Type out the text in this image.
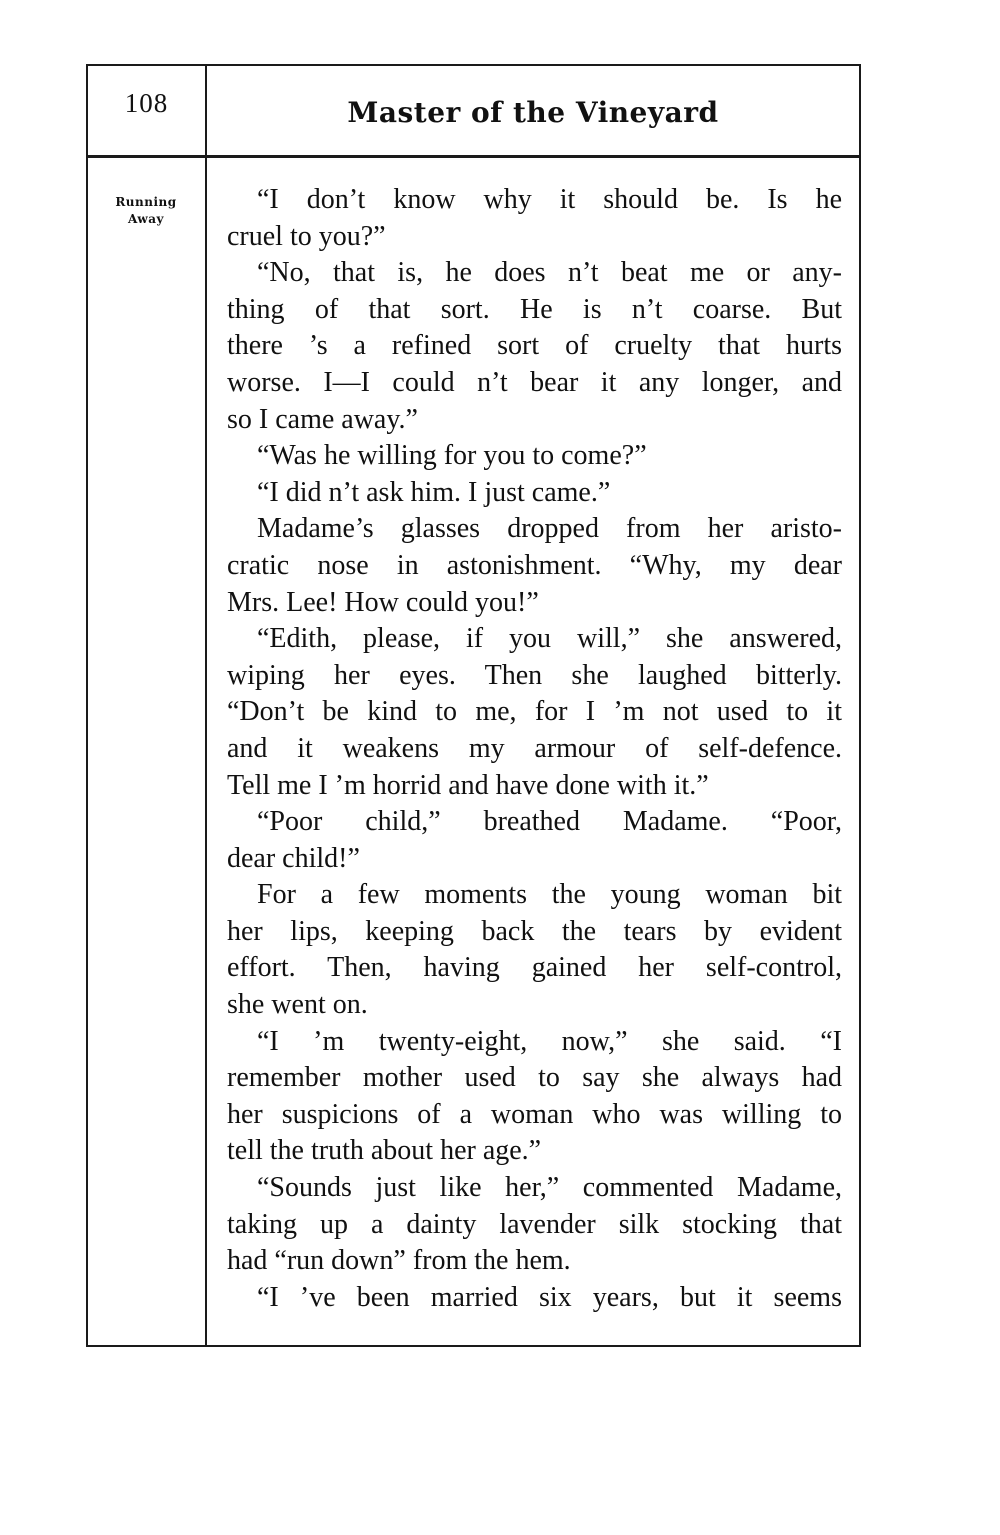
108	Master of the Vineyard
Running
Away

“I don’t know why it should be. Is he

cruel to you?”

“No, that is, he does n’t beat me or any-

thing of that sort. He is n’t coarse. But

there ’s a refined sort of cruelty that hurts

worse. I—I could n’t bear it any longer, and

so I came away.”

“Was he willing for you to come?”

“I did n’t ask him. I just came.”

Madame’s glasses dropped from her aristo-

cratic nose in astonishment. “Why, my dear

Mrs. Lee! How could you!”

“Edith, please, if you will,” she answered,

wiping her eyes. Then she laughed bitterly.

“Don’t be kind to me, for I ’m not used to it

and it weakens my armour of self-defence.

Tell me I ’m horrid and have done with it.”

“Poor child,” breathed Madame. “Poor,

dear child!”

For a few moments the young woman bit

her lips, keeping back the tears by evident

effort. Then, having gained her self-control,

she went on.

“I ’m twenty-eight, now,” she said. “I

remember mother used to say she always had

her suspicions of a woman who was willing to

tell the truth about her age.”

“Sounds just like her,” commented Madame,

taking up a dainty lavender silk stocking that

had “run down” from the hem.

“I ’ve been married six years, but it seems
